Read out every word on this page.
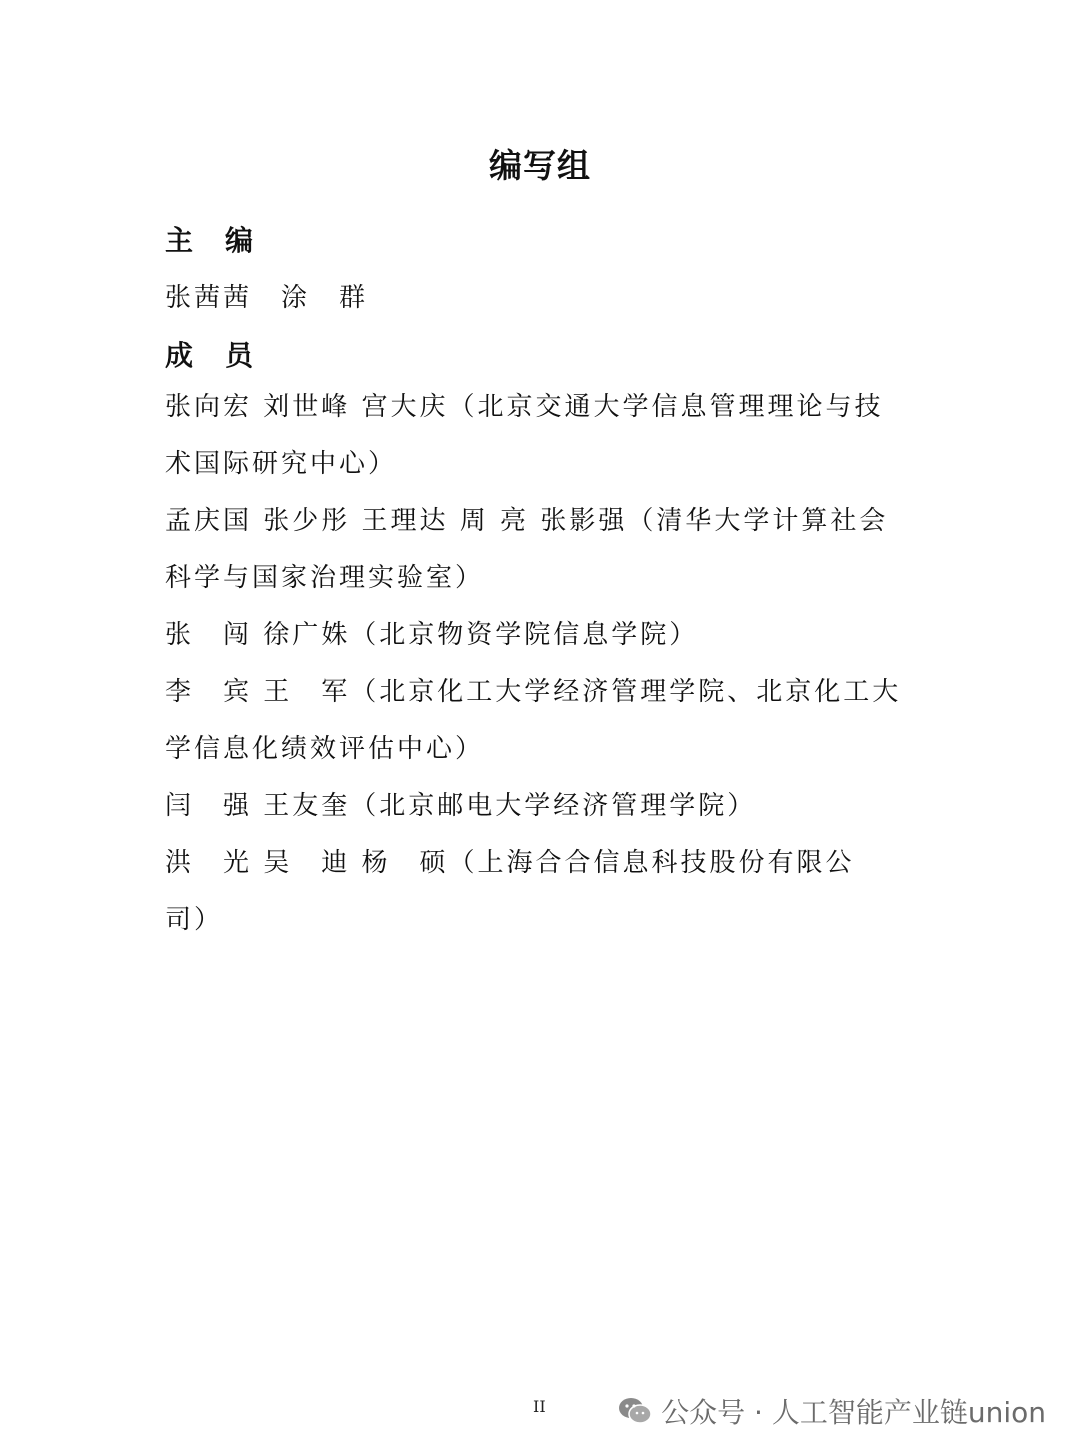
编写组
主　编
张茜茜　涂　群
成　员
张向宏 刘世峰 宫大庆（北京交通大学信息管理理论与技
术国际研究中心）
孟庆国 张少彤 王理达 周 亮 张影强（清华大学计算社会
科学与国家治理实验室）
张　闯 徐广姝（北京物资学院信息学院）
李　宾 王　军（北京化工大学经济管理学院、北京化工大
学信息化绩效评估中心）
闫　强 王友奎（北京邮电大学经济管理学院）
洪　光 吴　迪 杨　硕（上海合合信息科技股份有限公
司）
II	公众号 · 人工智能产业链union
